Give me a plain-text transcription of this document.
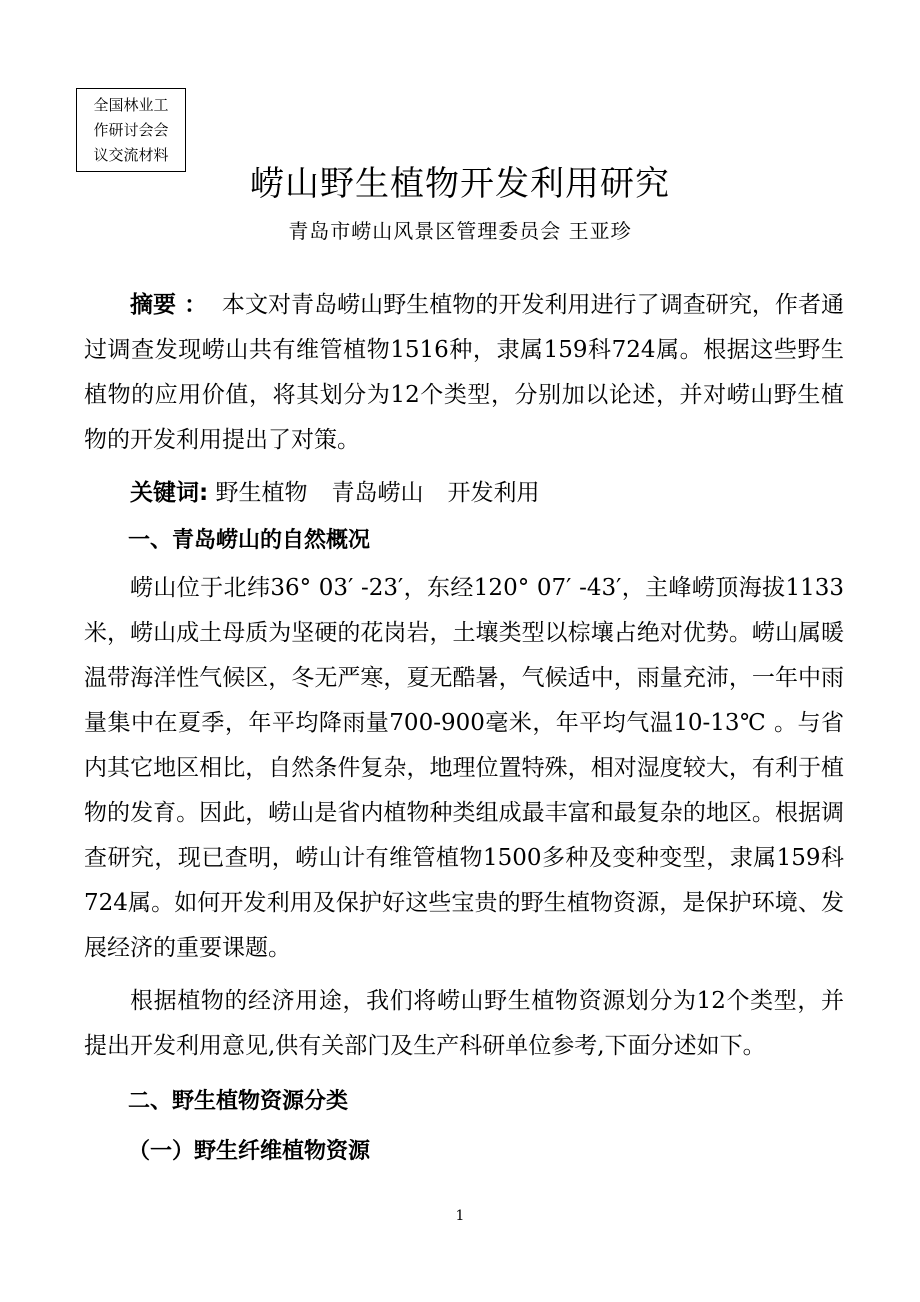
全国林业工
作研讨会会
议交流材料
崂山野生植物开发利用研究
青岛市崂山风景区管理委员会 王亚珍

摘要 ： 本文对青岛崂山野生植物的开发利用进行了调查研究，作者通过调查发现崂山共有维管植物1516种，隶属159科724属。根据这些野生植物的应用价值，将其划分为12个类型，分别加以论述，并对崂山野生植物的开发利用提出了对策。

关键词: 野生植物 青岛崂山 开发利用

一、青岛崂山的自然概况

崂山位于北纬36° 03′ -23′，东经120° 07′ -43′，主峰崂顶海拔1133米，崂山成土母质为坚硬的花岗岩，土壤类型以棕壤占绝对优势。崂山属暖温带海洋性气候区，冬无严寒，夏无酷暑，气候适中，雨量充沛，一年中雨量集中在夏季，年平均降雨量700-900毫米，年平均气温10-13℃ 。与省内其它地区相比，自然条件复杂，地理位置特殊，相对湿度较大，有利于植物的发育。因此，崂山是省内植物种类组成最丰富和最复杂的地区。根据调查研究，现已查明，崂山计有维管植物1500多种及变种变型，隶属159科724属。如何开发利用及保护好这些宝贵的野生植物资源，是保护环境、发展经济的重要课题。

根据植物的经济用途，我们将崂山野生植物资源划分为12个类型，并提出开发利用意见,供有关部门及生产科研单位参考,下面分述如下。

二、野生植物资源分类

（一）野生纤维植物资源

1
